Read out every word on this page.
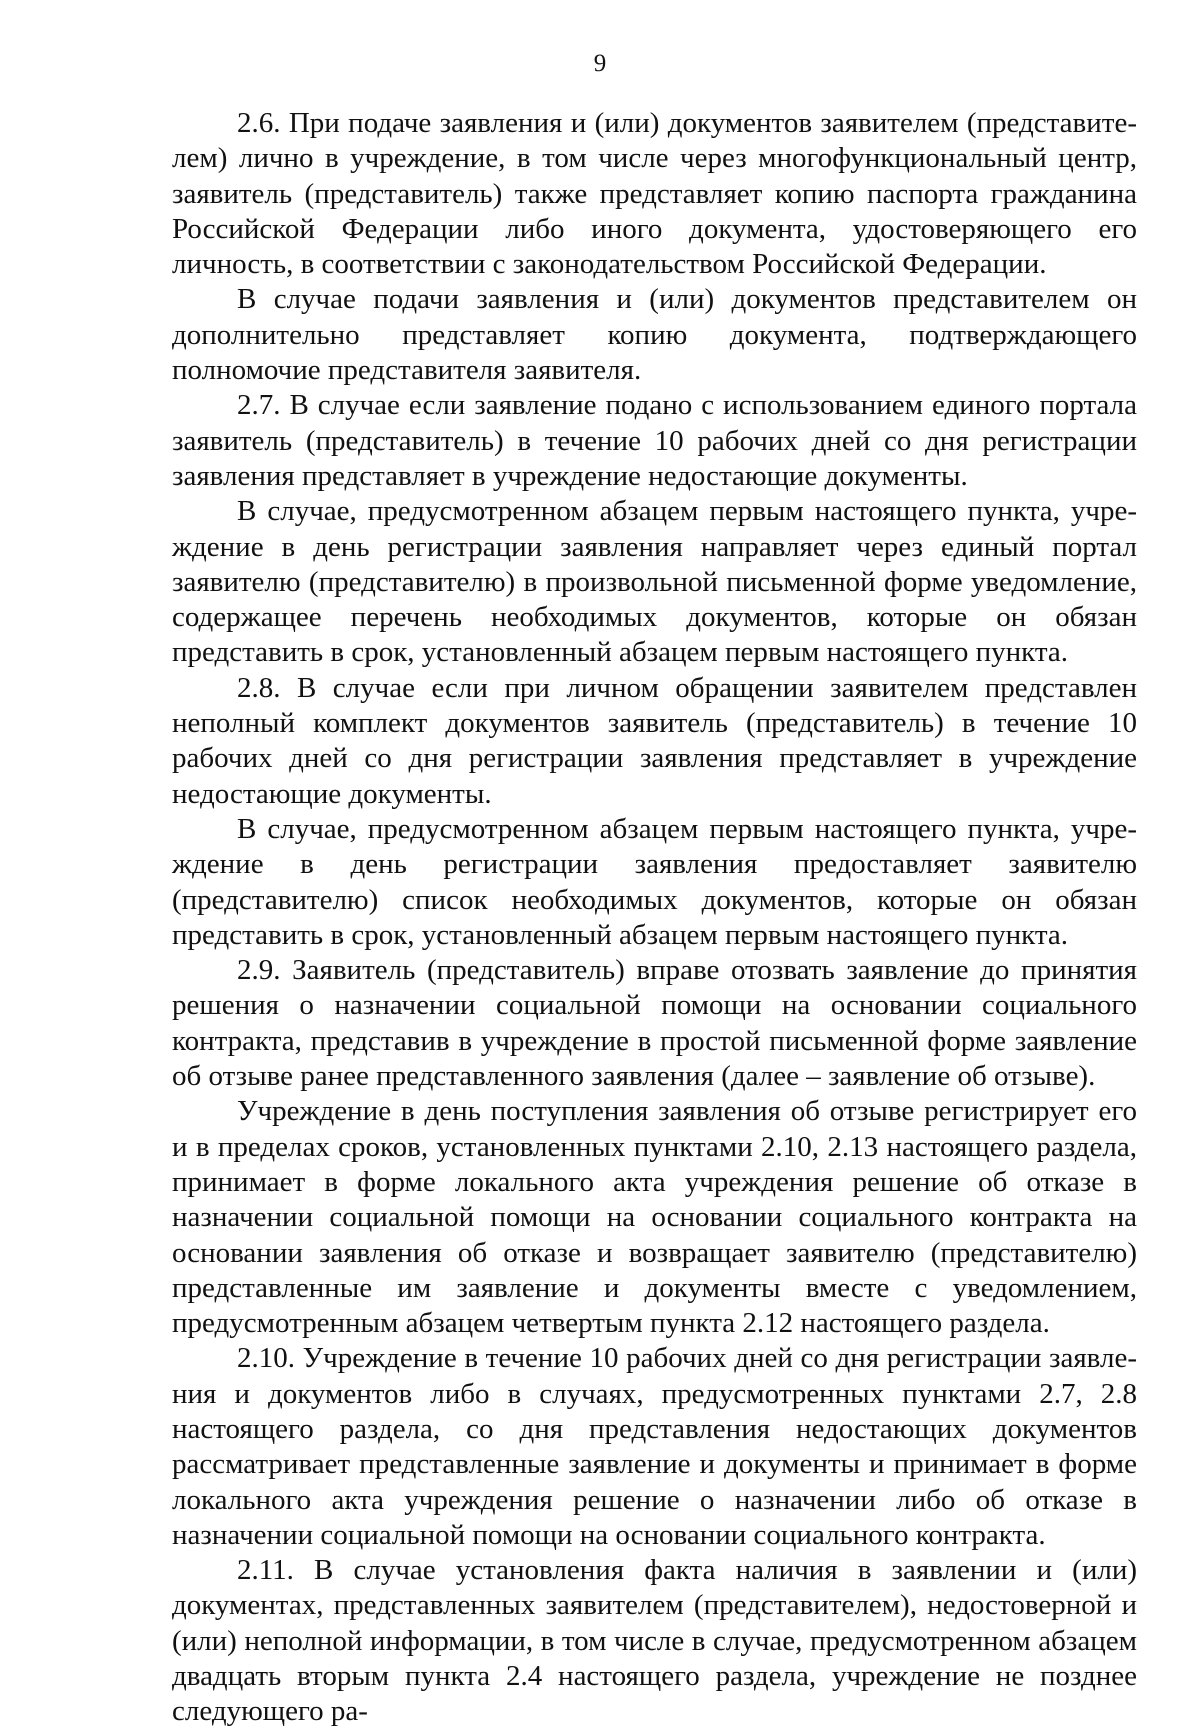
9

2.6. При подаче заявления и (или) документов заявителем (представителем) лично в учреждение, в том числе через многофункциональный центр, заявитель (представитель) также представляет копию паспорта гражданина Российской Федерации либо иного документа, удостоверяющего его личность, в соответствии с законодательством Российской Федерации.

В случае подачи заявления и (или) документов представителем он дополнительно представляет копию документа, подтверждающего полномочие представителя заявителя.

2.7. В случае если заявление подано с использованием единого портала заявитель (представитель) в течение 10 рабочих дней со дня регистрации заявления представляет в учреждение недостающие документы.

В случае, предусмотренном абзацем первым настоящего пункта, учреждение в день регистрации заявления направляет через единый портал заявителю (представителю) в произвольной письменной форме уведомление, содержащее перечень необходимых документов, которые он обязан представить в срок, установленный абзацем первым настоящего пункта.

2.8. В случае если при личном обращении заявителем представлен неполный комплект документов заявитель (представитель) в течение 10 рабочих дней со дня регистрации заявления представляет в учреждение недостающие документы.

В случае, предусмотренном абзацем первым настоящего пункта, учреждение в день регистрации заявления предоставляет заявителю (представителю) список необходимых документов, которые он обязан представить в срок, установленный абзацем первым настоящего пункта.

2.9. Заявитель (представитель) вправе отозвать заявление до принятия решения о назначении социальной помощи на основании социального контракта, представив в учреждение в простой письменной форме заявление об отзыве ранее представленного заявления (далее – заявление об отзыве).

Учреждение в день поступления заявления об отзыве регистрирует его и в пределах сроков, установленных пунктами 2.10, 2.13 настоящего раздела, принимает в форме локального акта учреждения решение об отказе в назначении социальной помощи на основании социального контракта на основании заявления об отказе и возвращает заявителю (представителю) представленные им заявление и документы вместе с уведомлением, предусмотренным абзацем четвертым пункта 2.12 настоящего раздела.

2.10. Учреждение в течение 10 рабочих дней со дня регистрации заявления и документов либо в случаях, предусмотренных пунктами 2.7, 2.8 настоящего раздела, со дня представления недостающих документов рассматривает представленные заявление и документы и принимает в форме локального акта учреждения решение о назначении либо об отказе в назначении социальной помощи на основании социального контракта.

2.11. В случае установления факта наличия в заявлении и (или) документах, представленных заявителем (представителем), недостоверной и (или) неполной информации, в том числе в случае, предусмотренном абзацем двадцать вторым пункта 2.4 настоящего раздела, учреждение не позднее следующего ра-
